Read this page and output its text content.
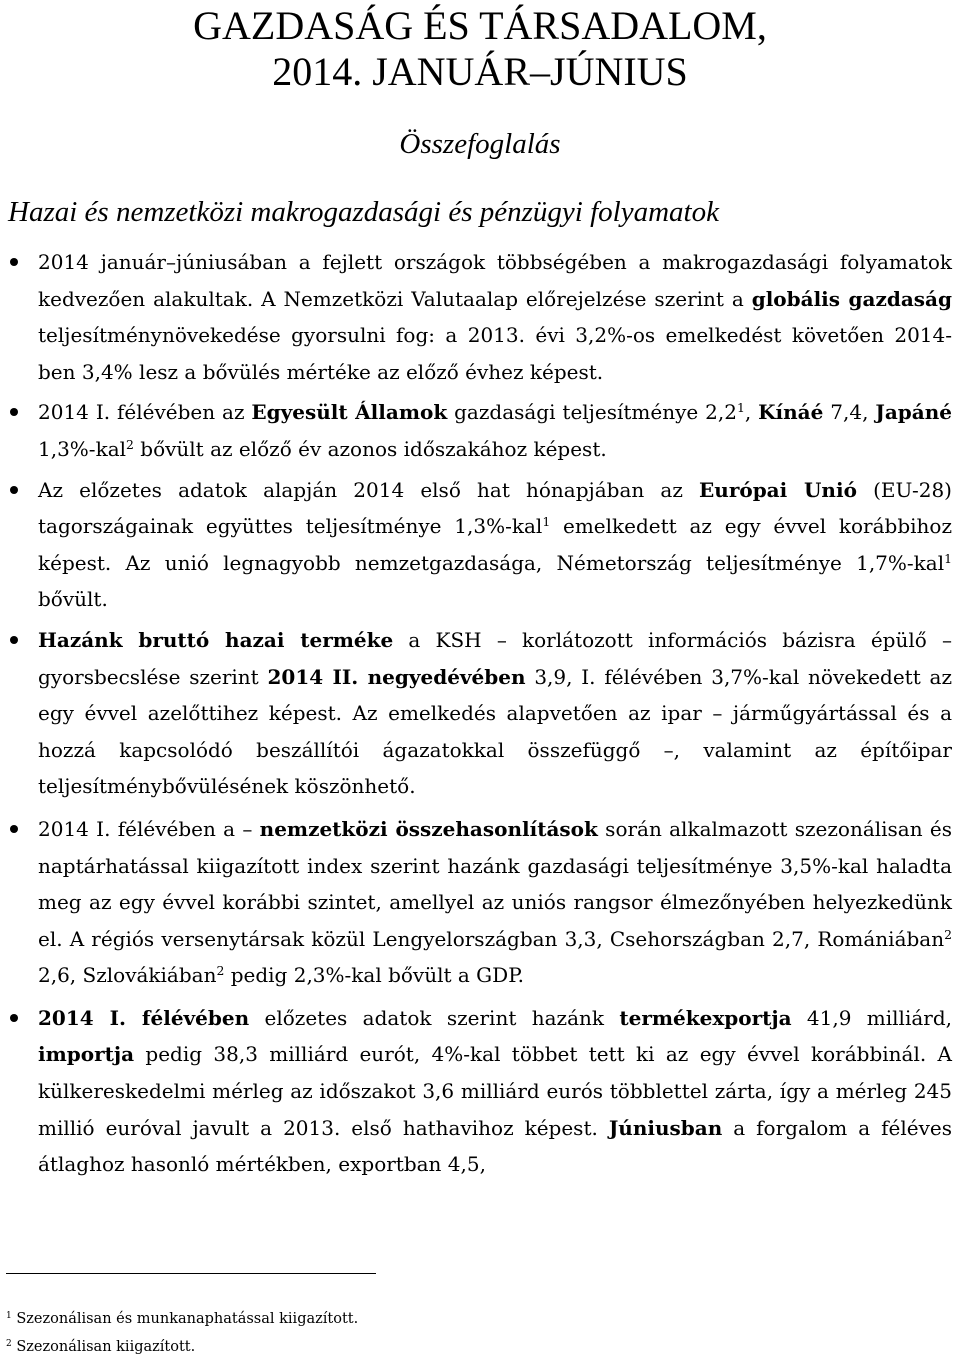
GAZDASÁG ÉS TÁRSADALOM,
2014. JANUÁR–JÚNIUS
Összefoglalás
Hazai és nemzetközi makrogazdasági és pénzügyi folyamatok
2014 január–júniusában a fejlett országok többségében a makrogazdasági folyamatok kedvezően alakultak. A Nemzetközi Valutaalap előrejelzése szerint a globális gazdaság teljesítménynövekedése gyorsulni fog: a 2013. évi 3,2%-os emelkedést követően 2014-ben 3,4% lesz a bővülés mértéke az előző évhez képest.
2014 I. félévében az Egyesült Államok gazdasági teljesítménye $2,2^1$, Kínáé 7,4, Japáné 1,3%-kal$^2$ bővült az előző év azonos időszakához képest.
Az előzetes adatok alapján 2014 első hat hónapjában az Európai Unió (EU-28) tagországainak együttes teljesítménye 1,3%-kal$^1$ emelkedett az egy évvel korábbihoz képest. Az unió legnagyobb nemzetgazdasága, Németország teljesítménye 1,7%-kal$^1$ bővült.
Hazánk bruttó hazai terméke a KSH – korlátozott információs bázisra épülő – gyorsbecslése szerint 2014 II. negyedévében 3,9, I. félévében 3,7%-kal növekedett az egy évvel azelőttihez képest. Az emelkedés alapvetően az ipar – járműgyártással és a hozzá kapcsolódó beszállítói ágazatokkal összefüggő –, valamint az építőipar teljesítménybővülésének köszönhető.
2014 I. félévében a – nemzetközi összehasonlítások során alkalmazott szezonálisan és naptárhatással kiigazított index szerint hazánk gazdasági teljesítménye 3,5%-kal haladta meg az egy évvel korábbi szintet, amellyel az uniós rangsor élmezőnyében helyezkedünk el. A régiós versenytársak közül Lengyelországban 3,3, Csehországban 2,7, Romániában$^2$ 2,6, Szlovákiában$^2$ pedig 2,3%-kal bővült a GDP.
2014 I. félévében előzetes adatok szerint hazánk termékexportja 41,9 milliárd, importja pedig 38,3 milliárd eurót, 4%-kal többet tett ki az egy évvel korábbinál. A külkereskedelmi mérleg az időszakot 3,6 milliárd eurós többlettel zárta, így a mérleg 245 millió euróval javult a 2013. első hathavihoz képest. Júniusban a forgalom a féléves átlaghoz hasonló mértékben, exportban 4,5,

$^1$ Szezonálisan és munkanaphatással kiigazított.

$^2$ Szezonálisan kiigazított.
